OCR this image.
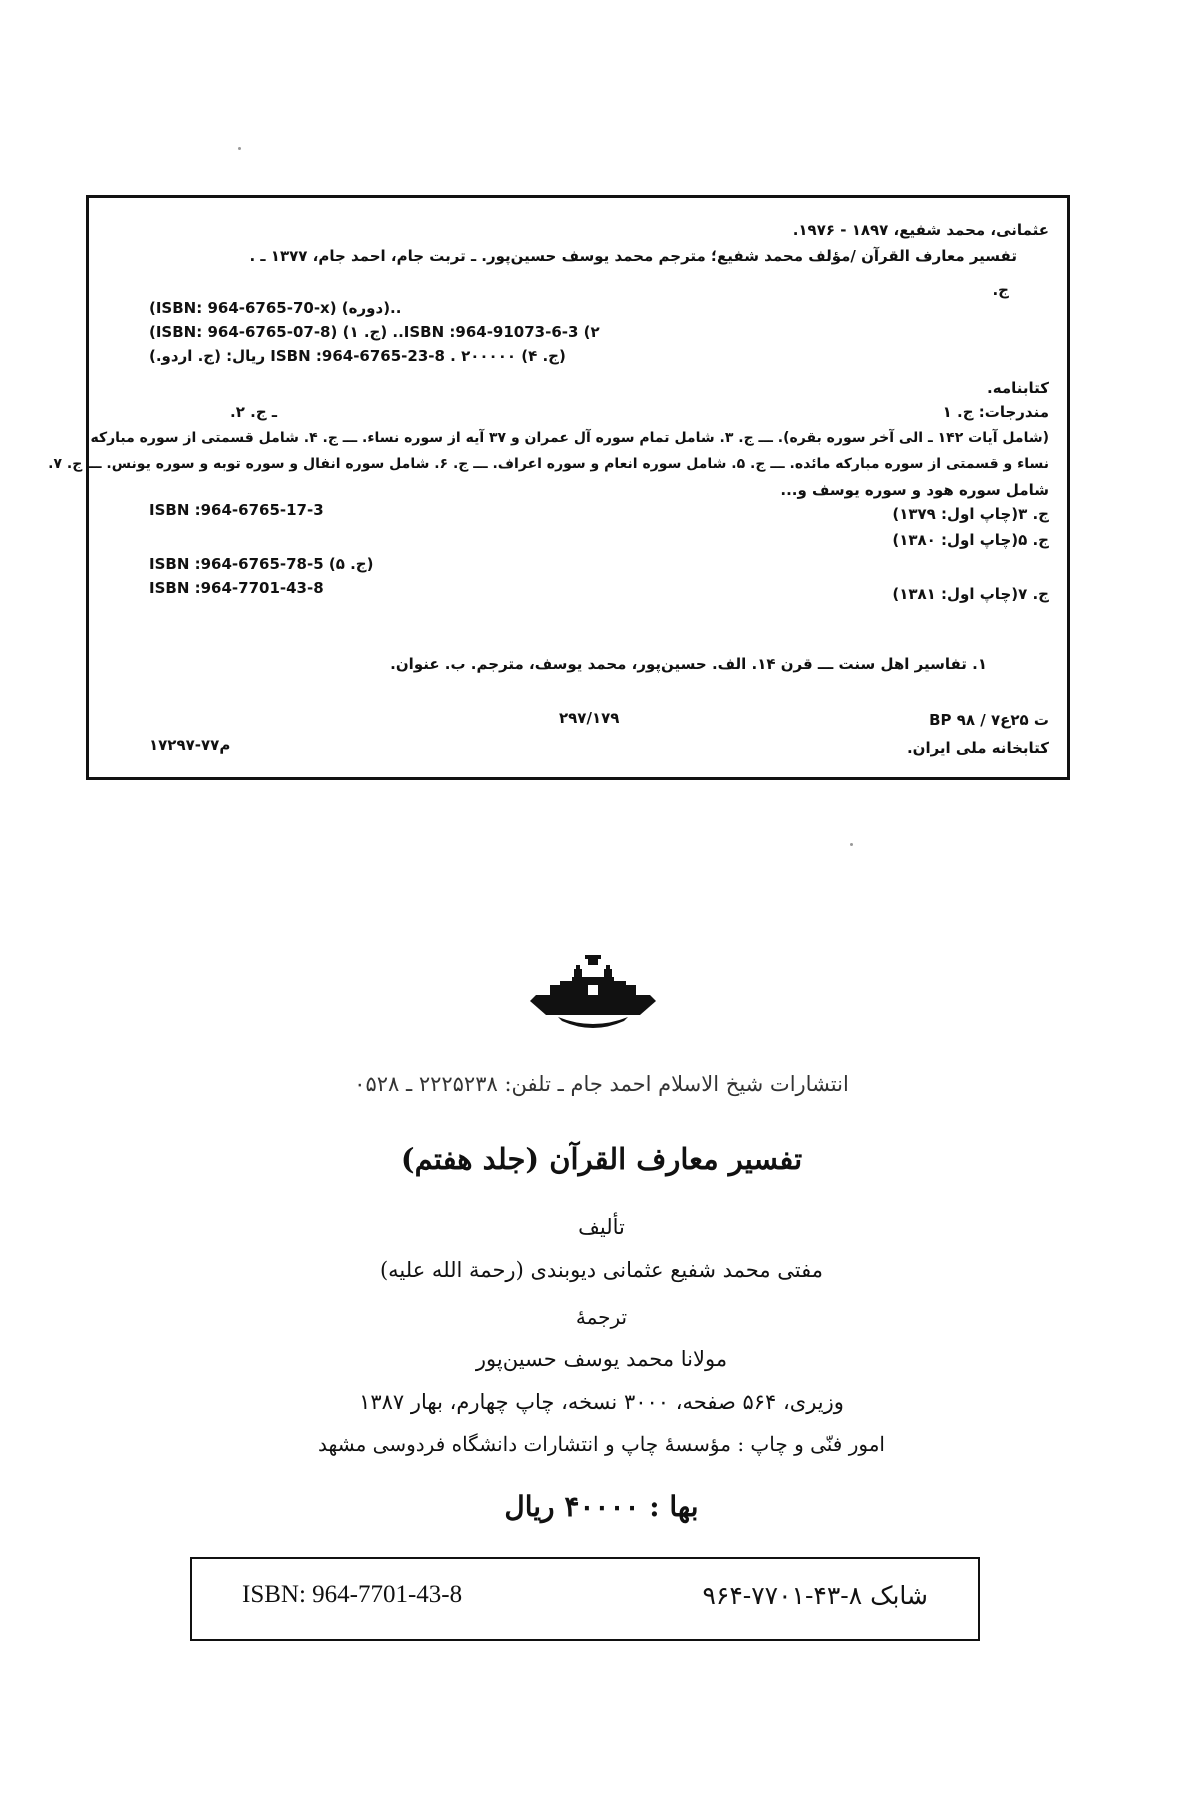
عثمانی، محمد شفیع، ۱۸۹۷ - ۱۹۷۶.
تفسیر معارف القرآن /مؤلف محمد شفیع؛ مترجم محمد یوسف حسین‌پور. ـ تربت جام، احمد جام، ۱۳۷۷ ـ .
ج.
(ISBN: 964-6765-70-x) (دوره)..
(ISBN: 964-6765-07-8) (ج. ۱) ..ISBN :964-91073-6-3 (۲
(ج. ۴) ISBN :964-6765-23-8 . ۲۰۰۰۰۰ ریال: (ج. اردو.)
کتابنامه.
مندرجات: ج. ۱
ـ ج. ۲.
(شامل آیات ۱۴۲ ـ الی آخر سوره بقره). ـــ ج. ۳. شامل تمام سوره آل عمران و ۳۷ آیه از سوره نساء. ـــ ج. ۴. شامل قسمتی از سوره مبارکه
نساء و قسمتی از سوره مبارکه مائده. ـــ ج. ۵. شامل سوره انعام و سوره اعراف. ـــ ج. ۶. شامل سوره انفال و سوره توبه و سوره یونس. ـــ ج. ۷.
شامل سوره هود و سوره یوسف و...
ج. ۳(چاپ اول: ۱۳۷۹)
ISBN :964-6765-17-3
ج. ۵(چاپ اول: ۱۳۸۰)
ISBN :964-6765-78-5 (ج. ۵)
ISBN :964-7701-43-8	ج. ۷(چاپ اول: ۱۳۸۱)
۱. تفاسیر اهل سنت ـــ قرن ۱۴. الف. حسین‌پور، محمد یوسف، مترجم. ب. عنوان.
BP ۹۸ / ۷ت ۲۵ع
۲۹۷/۱۷۹
کتابخانه ملی ایران.
م۷۷-۱۷۲۹۷
انتشارات شیخ الاسلام احمد جام ـ تلفن: ۲۲۲۵۲۳۸ ـ ۰۵۲۸
تفسیر معارف القرآن (جلد هفتم)
تألیف
مفتی محمد شفیع عثمانی دیوبندی (رحمة الله علیه)
ترجمهٔ
مولانا محمد یوسف حسین‌پور
وزیری، ۵۶۴ صفحه، ۳۰۰۰ نسخه، چاپ چهارم، بهار ۱۳۸۷
امور فنّی و چاپ : مؤسسهٔ چاپ و انتشارات دانشگاه فردوسی مشهد
بها : ۴۰۰۰۰ ریال
ISBN: 964-7701-43-8	شابک ۸-۴۳-۷۷۰۱-۹۶۴
